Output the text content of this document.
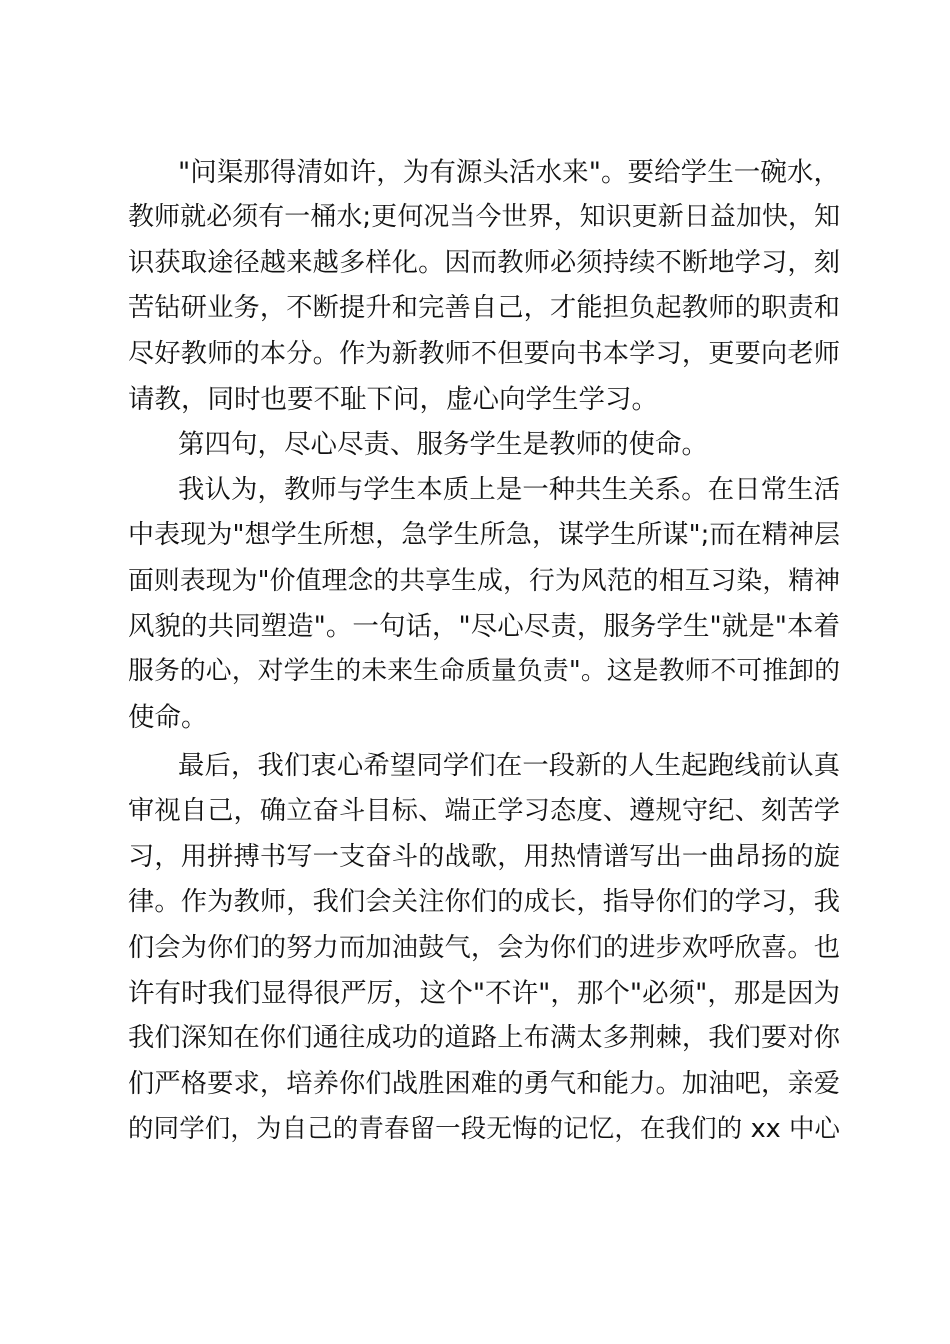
"问渠那得清如许，为有源头活水来"。要给学生一碗水，
教师就必须有一桶水;更何况当今世界，知识更新日益加快，知
识获取途径越来越多样化。因而教师必须持续不断地学习，刻
苦钻研业务，不断提升和完善自己，才能担负起教师的职责和
尽好教师的本分。作为新教师不但要向书本学习，更要向老师
请教，同时也要不耻下问，虚心向学生学习。
第四句，尽心尽责、服务学生是教师的使命。
我认为，教师与学生本质上是一种共生关系。在日常生活
中表现为"想学生所想，急学生所急，谋学生所谋";而在精神层
面则表现为"价值理念的共享生成，行为风范的相互习染，精神
风貌的共同塑造"。一句话，"尽心尽责，服务学生"就是"本着
服务的心，对学生的未来生命质量负责"。这是教师不可推卸的
使命。
最后，我们衷心希望同学们在一段新的人生起跑线前认真
审视自己，确立奋斗目标、端正学习态度、遵规守纪、刻苦学
习，用拼搏书写一支奋斗的战歌，用热情谱写出一曲昂扬的旋
律。作为教师，我们会关注你们的成长，指导你们的学习，我
们会为你们的努力而加油鼓气，会为你们的进步欢呼欣喜。也
许有时我们显得很严厉，这个"不许"，那个"必须"，那是因为
我们深知在你们通往成功的道路上布满太多荆棘，我们要对你
们严格要求，培养你们战胜困难的勇气和能力。加油吧，亲爱
的同学们，为自己的青春留一段无悔的记忆，在我们的 xx 中心
